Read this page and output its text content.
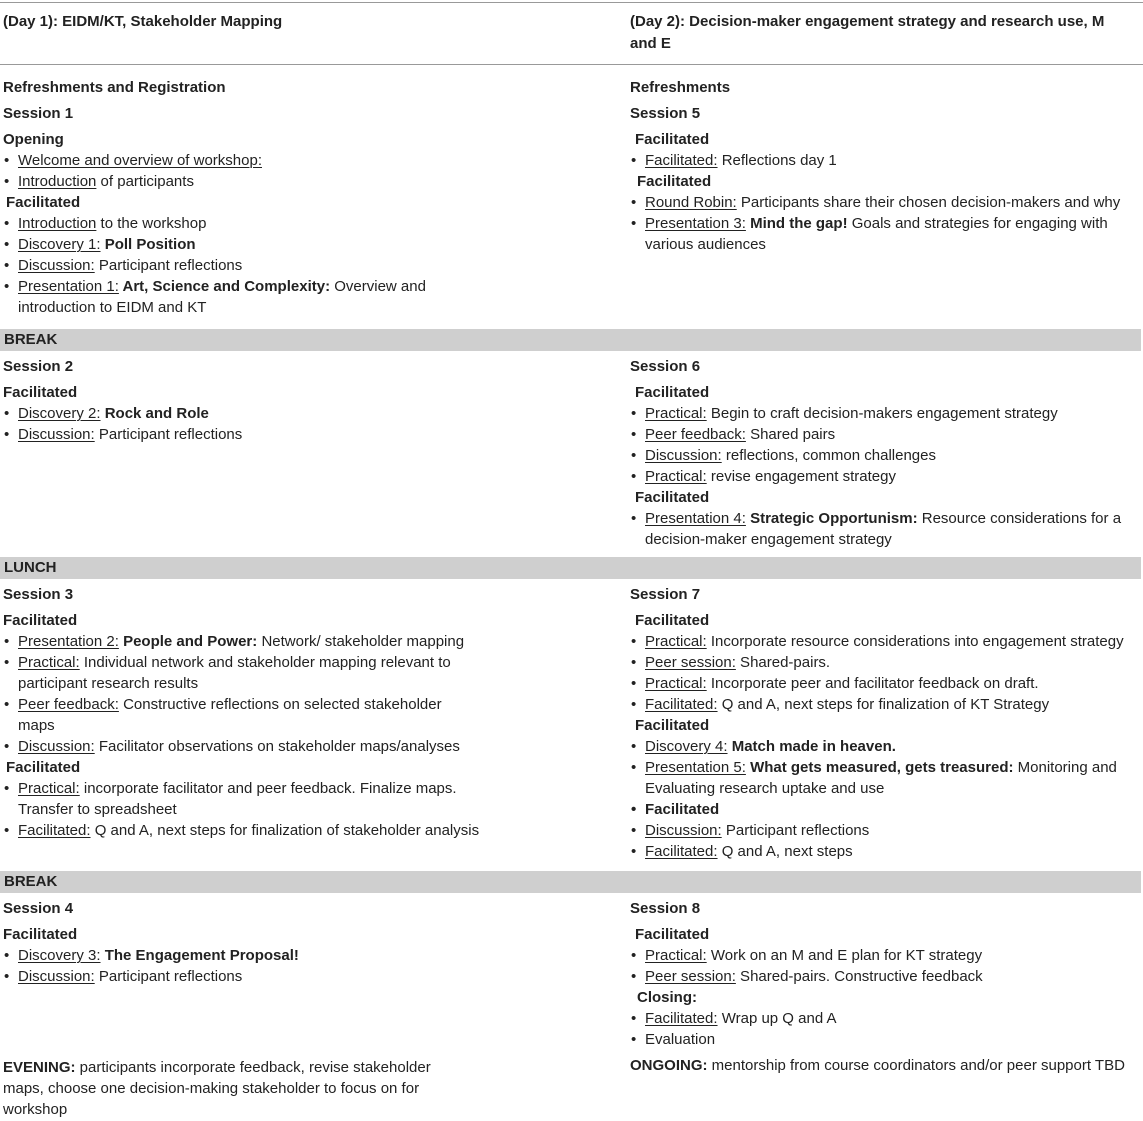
(Day 1): EIDM/KT, Stakeholder Mapping	(Day 2): Decision-maker engagement strategy and research use, M
and E
Refreshments and Registration
Session 1
Opening
• Welcome and overview of workshop:
• Introduction of participants
Facilitated
• Introduction to the workshop
• Discovery 1: Poll Position
• Discussion: Participant reflections
• Presentation 1: Art, Science and Complexity: Overview and
introduction to EIDM and KT
Refreshments
Session 5
Facilitated
• Facilitated: Reflections day 1
Facilitated
• Round Robin: Participants share their chosen decision-makers and why
• Presentation 3: Mind the gap! Goals and strategies for engaging with
various audiences
BREAK
Session 2
Facilitated
• Discovery 2: Rock and Role
• Discussion: Participant reflections
Session 6
Facilitated
• Practical: Begin to craft decision-makers engagement strategy
• Peer feedback: Shared pairs
• Discussion: reflections, common challenges
• Practical: revise engagement strategy
Facilitated
• Presentation 4: Strategic Opportunism: Resource considerations for a
decision-maker engagement strategy
LUNCH
Session 3
Facilitated
• Presentation 2: People and Power: Network/ stakeholder mapping
• Practical: Individual network and stakeholder mapping relevant to
participant research results
• Peer feedback: Constructive reflections on selected stakeholder
maps
• Discussion: Facilitator observations on stakeholder maps/analyses
Facilitated
• Practical: incorporate facilitator and peer feedback. Finalize maps.
Transfer to spreadsheet
• Facilitated: Q and A, next steps for finalization of stakeholder analysis
Session 7
Facilitated
• Practical: Incorporate resource considerations into engagement strategy
• Peer session: Shared-pairs.
• Practical: Incorporate peer and facilitator feedback on draft.
• Facilitated: Q and A, next steps for finalization of KT Strategy
Facilitated
• Discovery 4: Match made in heaven.
• Presentation 5: What gets measured, gets treasured: Monitoring and
Evaluating research uptake and use
• Facilitated
• Discussion: Participant reflections
• Facilitated: Q and A, next steps
BREAK
Session 4
Facilitated
• Discovery 3: The Engagement Proposal!
• Discussion: Participant reflections
EVENING: participants incorporate feedback, revise stakeholder
maps, choose one decision-making stakeholder to focus on for
workshop
Session 8
Facilitated
• Practical: Work on an M and E plan for KT strategy
• Peer session: Shared-pairs. Constructive feedback
Closing:
• Facilitated: Wrap up Q and A
• Evaluation
ONGOING: mentorship from course coordinators and/or peer support TBD
